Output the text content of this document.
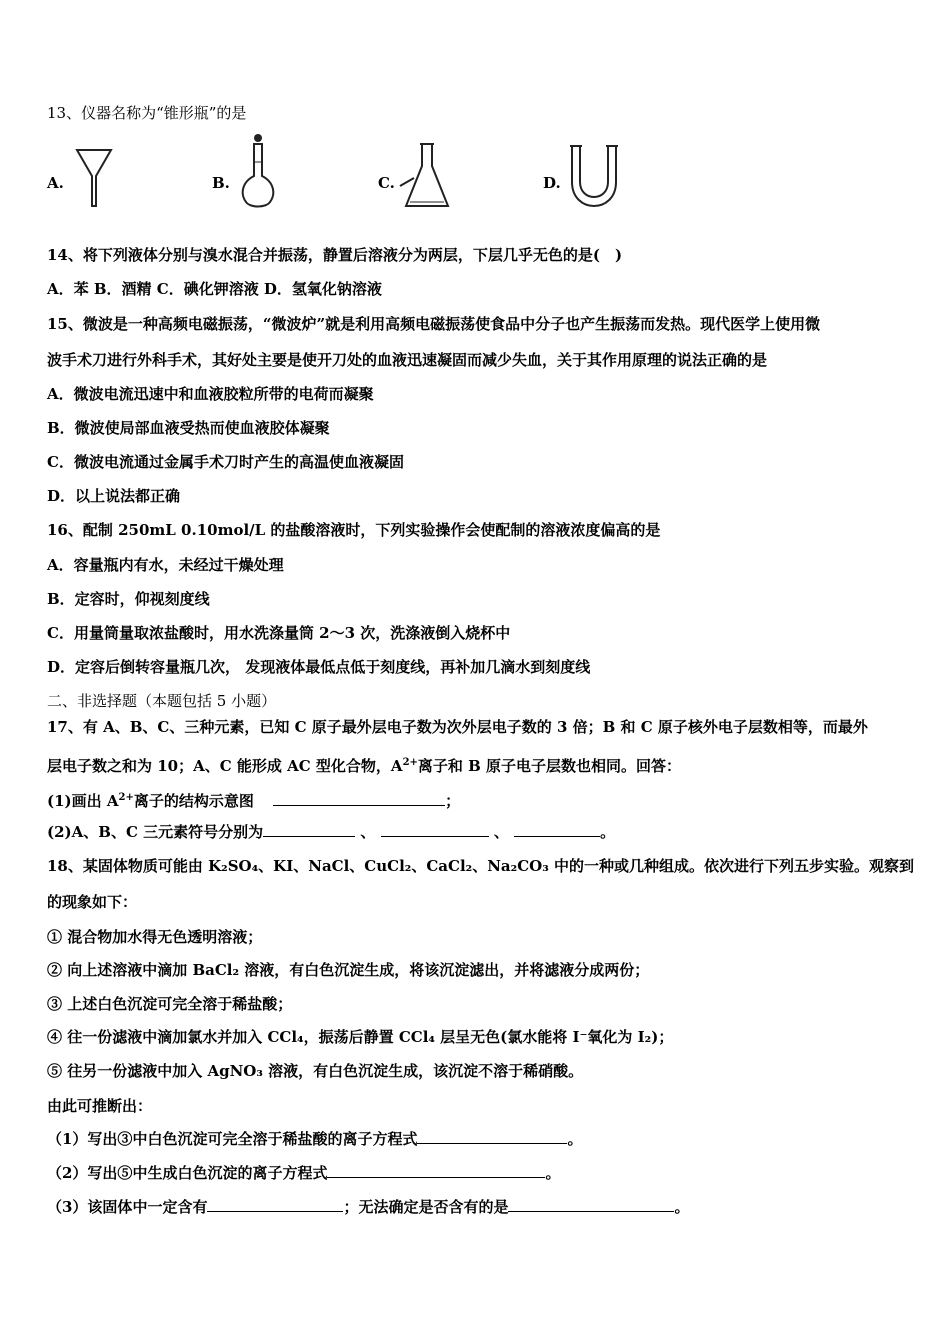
13、仪器名称为“锥形瓶”的是
A.	B.	C.	D.
14、将下列液体分别与溴水混合并振荡，静置后溶液分为两层，下层几乎无色的是(　)
A．苯 B．酒精 C．碘化钾溶液 D．氢氧化钠溶液
15、微波是一种高频电磁振荡，“微波炉”就是利用高频电磁振荡使食品中分子也产生振荡而发热。现代医学上使用微
波手术刀进行外科手术，其好处主要是使开刀处的血液迅速凝固而减少失血，关于其作用原理的说法正确的是
A．微波电流迅速中和血液胶粒所带的电荷而凝聚
B．微波使局部血液受热而使血液胶体凝聚
C．微波电流通过金属手术刀时产生的高温使血液凝固
D．以上说法都正确
16、配制 250mL 0.10mol/L 的盐酸溶液时，下列实验操作会使配制的溶液浓度偏高的是
A．容量瓶内有水，未经过干燥处理
B．定容时，仰视刻度线
C．用量筒量取浓盐酸时，用水洗涤量筒 2～3 次，洗涤液倒入烧杯中
D．定容后倒转容量瓶几次， 发现液体最低点低于刻度线，再补加几滴水到刻度线
二、非选择题（本题包括 5 小题）
17、有 A、B、C、三种元素，已知 C 原子最外层电子数为次外层电子数的 3 倍；B 和 C 原子核外电子层数相等，而最外
层电子数之和为 10；A、C 能形成 AC 型化合物，$A^{2+}$离子和 B 原子电子层数也相同。回答：
(1)画出 $A^{2+}$离子的结构示意图	；
(2)A、B、C 三元素符号分别为	、	、	。
18、某固体物质可能由 K₂SO₄、KI、NaCl、CuCl₂、CaCl₂、Na₂CO₃ 中的一种或几种组成。依次进行下列五步实验。观察到
的现象如下：
① 混合物加水得无色透明溶液；
② 向上述溶液中滴加 BaCl₂ 溶液，有白色沉淀生成，将该沉淀滤出，并将滤液分成两份；
③ 上述白色沉淀可完全溶于稀盐酸；
④ 往一份滤液中滴加氯水并加入 CCl₄，振荡后静置 CCl₄ 层呈无色(氯水能将 I⁻氧化为 I₂)；
⑤ 往另一份滤液中加入 AgNO₃ 溶液，有白色沉淀生成，该沉淀不溶于稀硝酸。
由此可推断出：
（1）写出③中白色沉淀可完全溶于稀盐酸的离子方程式	。
（2）写出⑤中生成白色沉淀的离子方程式	。
（3）该固体中一定含有	；无法确定是否含有的是	。
